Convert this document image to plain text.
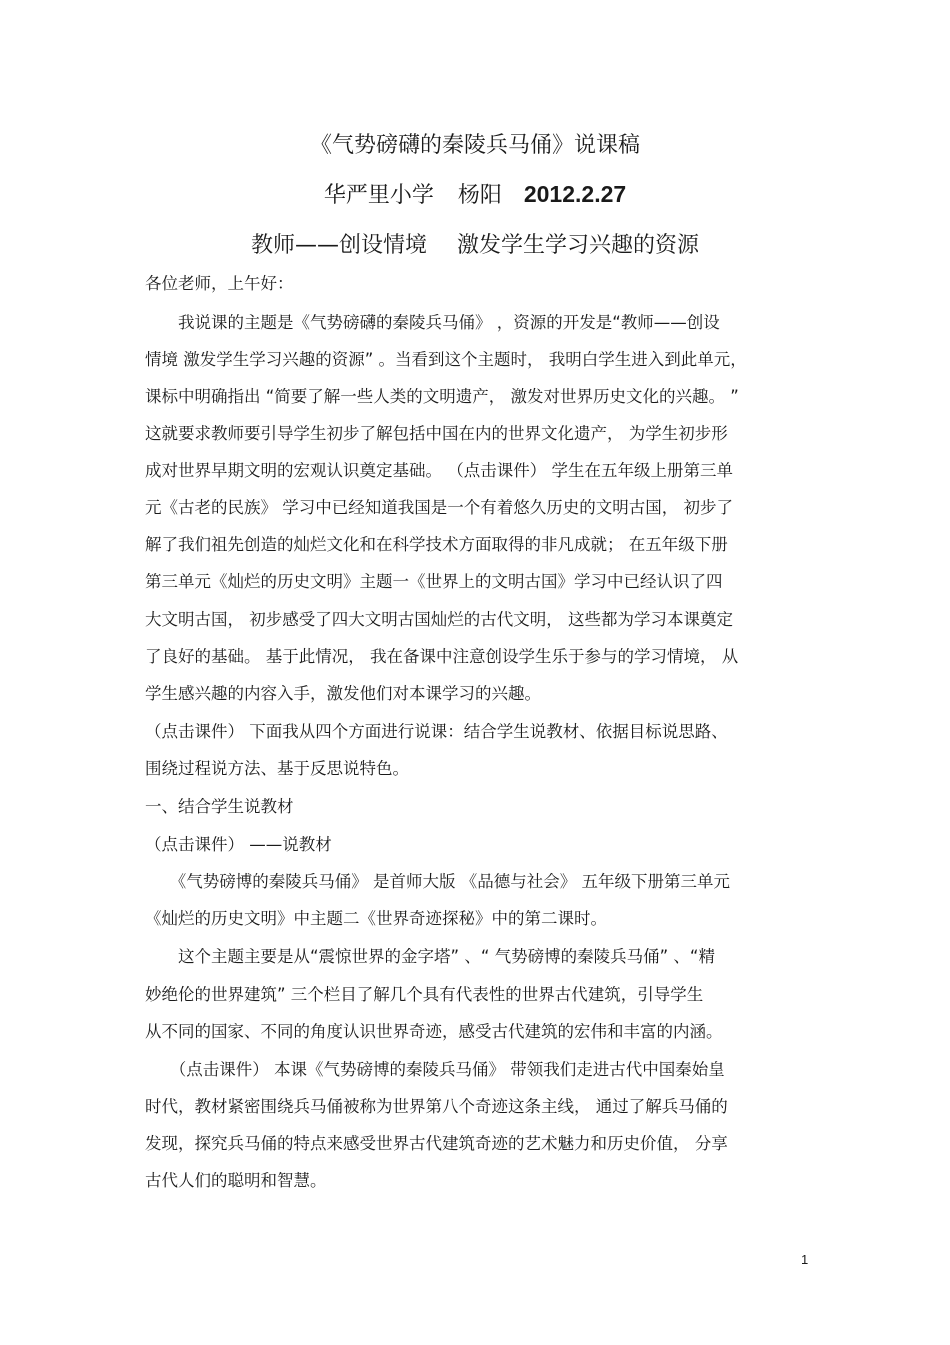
《气势磅礴的秦陵兵马俑》说课稿
华严里小学 杨阳 2012.2.27
教师——创设情境 激发学生学习兴趣的资源
各位老师，上午好：
　　我说课的主题是《气势磅礴的秦陵兵马俑》 ，资源的开发是“教师——创设
情境 激发学生学习兴趣的资源” 。当看到这个主题时， 我明白学生进入到此单元，
课标中明确指出 “简要了解一些人类的文明遗产， 激发对世界历史文化的兴趣。 ”
这就要求教师要引导学生初步了解包括中国在内的世界文化遗产， 为学生初步形
成对世界早期文明的宏观认识奠定基础。 （点击课件） 学生在五年级上册第三单
元《古老的民族》 学习中已经知道我国是一个有着悠久历史的文明古国， 初步了
解了我们祖先创造的灿烂文化和在科学技术方面取得的非凡成就； 在五年级下册
第三单元《灿烂的历史文明》主题一《世界上的文明古国》学习中已经认识了四
大文明古国， 初步感受了四大文明古国灿烂的古代文明， 这些都为学习本课奠定
了良好的基础。 基于此情况， 我在备课中注意创设学生乐于参与的学习情境， 从
学生感兴趣的内容入手，激发他们对本课学习的兴趣。
（点击课件） 下面我从四个方面进行说课：结合学生说教材、依据目标说思路、
围绕过程说方法、基于反思说特色。
一、结合学生说教材
（点击课件） ——说教材
　　《气势磅博的秦陵兵马俑》 是首师大版 《品德与社会》 五年级下册第三单元
《灿烂的历史文明》中主题二《世界奇迹探秘》中的第二课时。
　　这个主题主要是从“震惊世界的金字塔” 、“ 气势磅博的秦陵兵马俑” 、“精
妙绝伦的世界建筑” 三个栏目了解几个具有代表性的世界古代建筑，引导学生
从不同的国家、不同的角度认识世界奇迹，感受古代建筑的宏伟和丰富的内涵。
　　（点击课件） 本课《气势磅博的秦陵兵马俑》 带领我们走进古代中国秦始皇
时代，教材紧密围绕兵马俑被称为世界第八个奇迹这条主线， 通过了解兵马俑的
发现，探究兵马俑的特点来感受世界古代建筑奇迹的艺术魅力和历史价值， 分享
古代人们的聪明和智慧。
1
